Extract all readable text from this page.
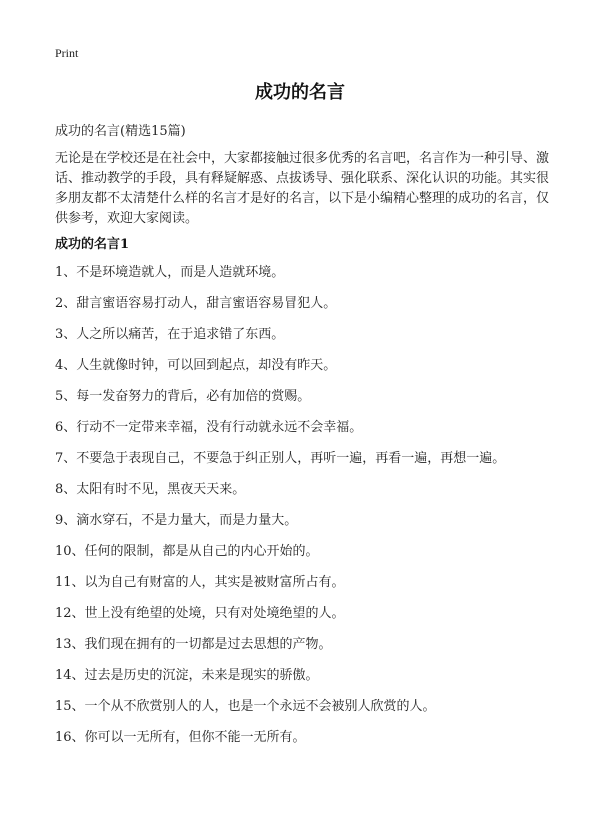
Print
成功的名言
成功的名言(精选15篇)

无论是在学校还是在社会中，大家都接触过很多优秀的名言吧，名言作为一种引导、激话、推动教学的手段，具有释疑解惑、点拔诱导、强化联系、深化认识的功能。其实很多朋友都不太清楚什么样的名言才是好的名言，以下是小编精心整理的成功的名言，仅供参考，欢迎大家阅读。

成功的名言1
1、不是环境造就人，而是人造就环境。
2、甜言蜜语容易打动人，甜言蜜语容易冒犯人。
3、人之所以痛苦，在于追求错了东西。
4、人生就像时钟，可以回到起点，却没有昨天。
5、每一发奋努力的背后，必有加倍的赏赐。
6、行动不一定带来幸福，没有行动就永远不会幸福。
7、不要急于表现自己，不要急于纠正别人，再听一遍，再看一遍，再想一遍。
8、太阳有时不见，黑夜天天来。
9、滴水穿石，不是力量大，而是力量大。
10、任何的限制，都是从自己的内心开始的。
11、以为自己有财富的人，其实是被财富所占有。
12、世上没有绝望的处境，只有对处境绝望的人。
13、我们现在拥有的一切都是过去思想的产物。
14、过去是历史的沉淀，未来是现实的骄傲。
15、一个从不欣赏别人的人，也是一个永远不会被别人欣赏的人。
16、你可以一无所有，但你不能一无所有。
